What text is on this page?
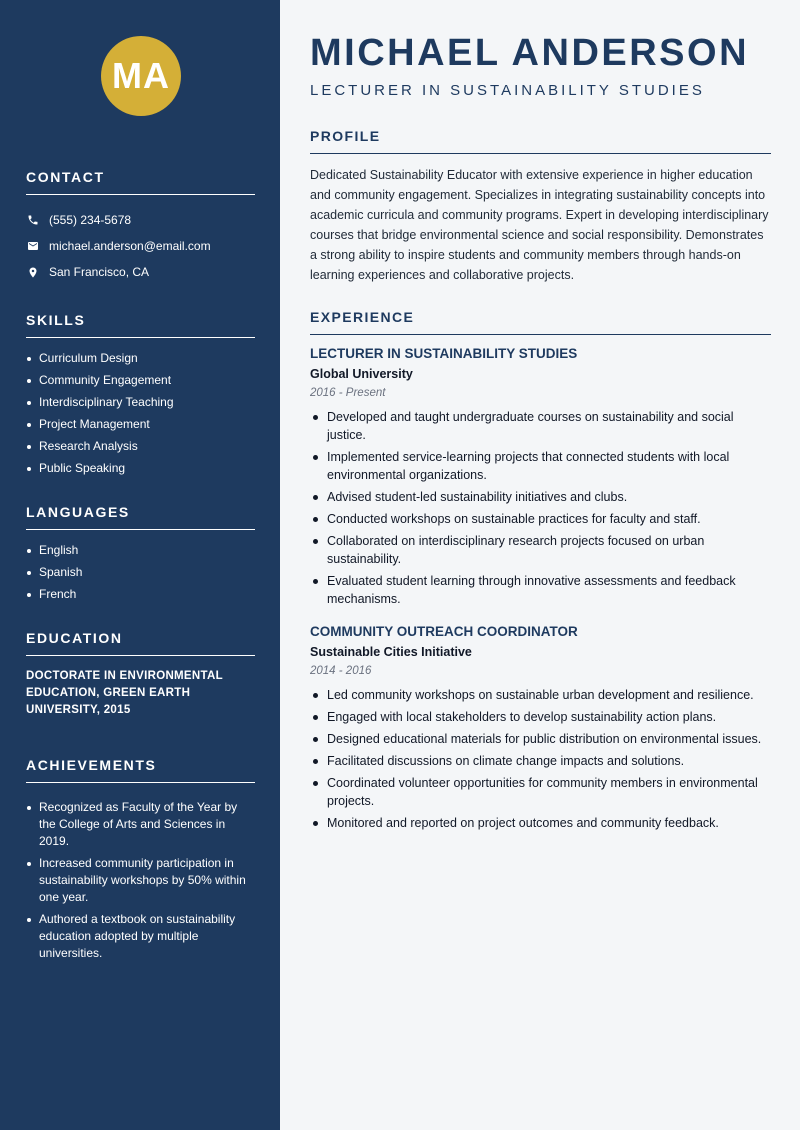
MA
CONTACT
(555) 234-5678
michael.anderson@email.com
San Francisco, CA
SKILLS
Curriculum Design
Community Engagement
Interdisciplinary Teaching
Project Management
Research Analysis
Public Speaking
LANGUAGES
English
Spanish
French
EDUCATION
DOCTORATE IN ENVIRONMENTAL EDUCATION, GREEN EARTH UNIVERSITY, 2015
ACHIEVEMENTS
Recognized as Faculty of the Year by the College of Arts and Sciences in 2019.
Increased community participation in sustainability workshops by 50% within one year.
Authored a textbook on sustainability education adopted by multiple universities.
MICHAEL ANDERSON
LECTURER IN SUSTAINABILITY STUDIES
PROFILE

Dedicated Sustainability Educator with extensive experience in higher education and community engagement. Specializes in integrating sustainability concepts into academic curricula and community programs. Expert in developing interdisciplinary courses that bridge environmental science and social responsibility. Demonstrates a strong ability to inspire students and community members through hands-on learning experiences and collaborative projects.

EXPERIENCE
LECTURER IN SUSTAINABILITY STUDIES
Global University
2016 - Present
Developed and taught undergraduate courses on sustainability and social justice.
Implemented service-learning projects that connected students with local environmental organizations.
Advised student-led sustainability initiatives and clubs.
Conducted workshops on sustainable practices for faculty and staff.
Collaborated on interdisciplinary research projects focused on urban sustainability.
Evaluated student learning through innovative assessments and feedback mechanisms.
COMMUNITY OUTREACH COORDINATOR
Sustainable Cities Initiative
2014 - 2016
Led community workshops on sustainable urban development and resilience.
Engaged with local stakeholders to develop sustainability action plans.
Designed educational materials for public distribution on environmental issues.
Facilitated discussions on climate change impacts and solutions.
Coordinated volunteer opportunities for community members in environmental projects.
Monitored and reported on project outcomes and community feedback.
